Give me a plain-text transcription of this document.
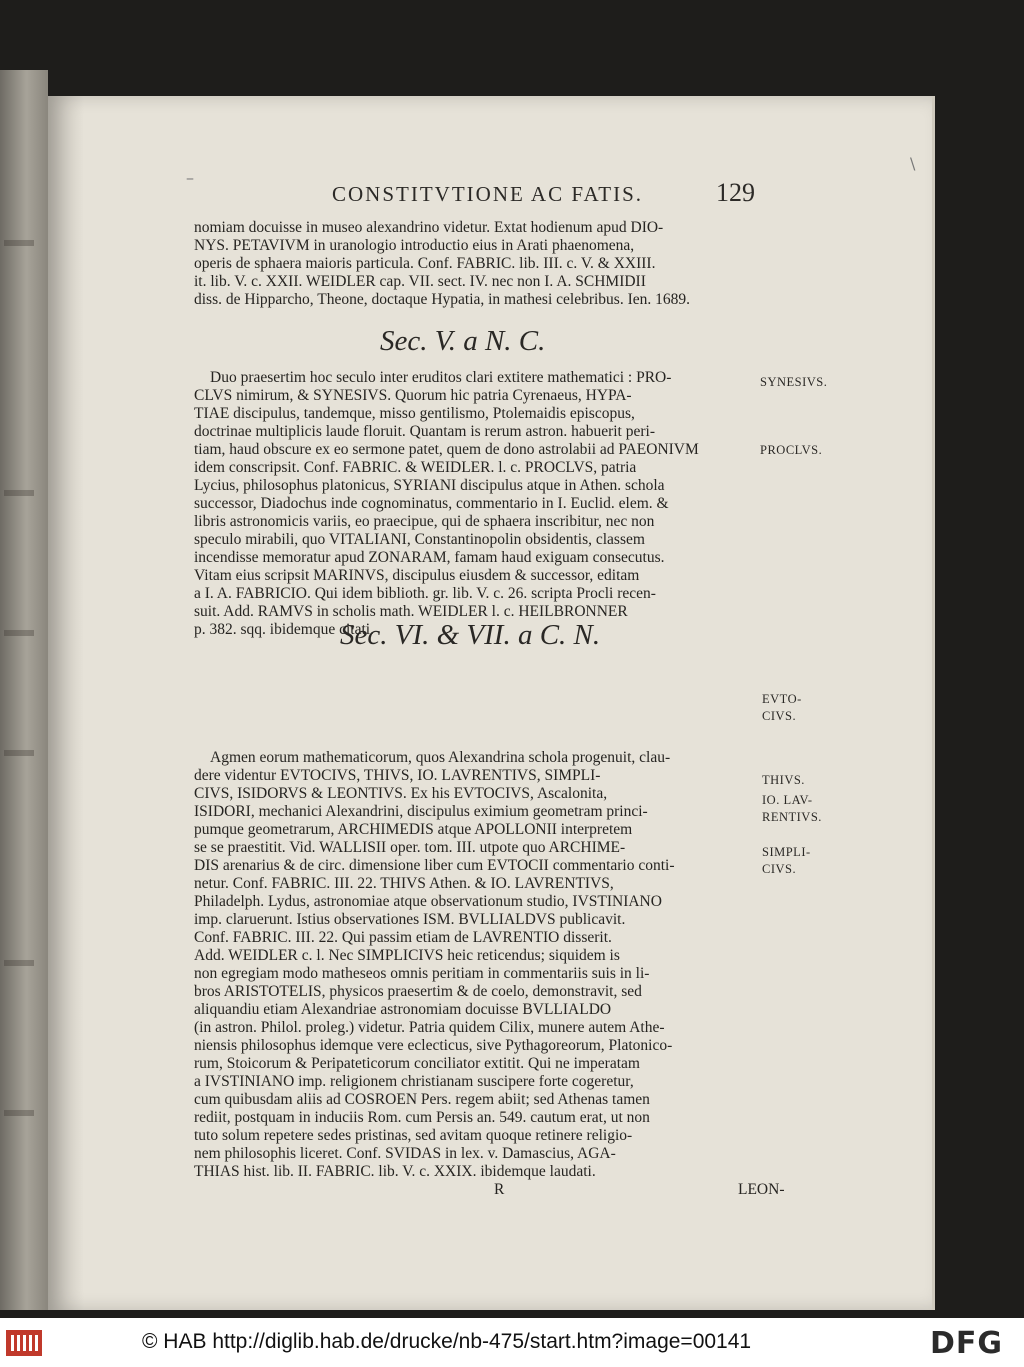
–
\
CONSTITVTIONE AC FATIS.	129
nomiam docuisse in museo alexandrino videtur. Extat hodienum apud DIO-
NYS. PETAVIVM in uranologio introductio eius in Arati phaenomena,
operis de sphaera maioris particula. Conf. FABRIC. lib. III. c. V. & XXIII.
it. lib. V. c. XXII. WEIDLER cap. VII. sect. IV. nec non I. A. SCHMIDII
diss. de Hipparcho, Theone, doctaque Hypatia, in mathesi celebribus. Ien. 1689.
Duo praesertim hoc seculo inter eruditos clari extitere mathematici : PRO-
CLVS nimirum, & SYNESIVS. Quorum hic patria Cyrenaeus, HYPA-
TIAE discipulus, tandemque, misso gentilismo, Ptolemaidis episcopus,
doctrinae multiplicis laude floruit. Quantam is rerum astron. habuerit peri-
tiam, haud obscure ex eo sermone patet, quem de dono astrolabii ad PAEONIVM
idem conscripsit. Conf. FABRIC. & WEIDLER. l. c. PROCLVS, patria
Lycius, philosophus platonicus, SYRIANI discipulus atque in Athen. schola
successor, Diadochus inde cognominatus, commentario in I. Euclid. elem. &
libris astronomicis variis, eo praecipue, qui de sphaera inscribitur, nec non
speculo mirabili, quo VITALIANI, Constantinopolin obsidentis, classem
incendisse memoratur apud ZONARAM, famam haud exiguam consecutus.
Vitam eius scripsit MARINVS, discipulus eiusdem & successor, editam
a I. A. FABRICIO. Qui idem biblioth. gr. lib. V. c. 26. scripta Procli recen-
suit. Add. RAMVS in scholis math. WEIDLER l. c. HEILBRONNER
p. 382. sqq. ibidemque citati.
Agmen eorum mathematicorum, quos Alexandrina schola progenuit, clau-
dere videntur EVTOCIVS, THIVS, IO. LAVRENTIVS, SIMPLI-
CIVS, ISIDORVS & LEONTIVS. Ex his EVTOCIVS, Ascalonita,
ISIDORI, mechanici Alexandrini, discipulus eximium geometram princi-
pumque geometrarum, ARCHIMEDIS atque APOLLONII interpretem
se se praestitit. Vid. WALLISII oper. tom. III. utpote quo ARCHIME-
DIS arenarius & de circ. dimensione liber cum EVTOCII commentario conti-
netur. Conf. FABRIC. III. 22. THIVS Athen. & IO. LAVRENTIVS,
Philadelph. Lydus, astronomiae atque observationum studio, IVSTINIANO
imp. claruerunt. Istius observationes ISM. BVLLIALDVS publicavit.
Conf. FABRIC. III. 22. Qui passim etiam de LAVRENTIO disserit.
Add. WEIDLER c. l. Nec SIMPLICIVS heic reticendus; siquidem is
non egregiam modo matheseos omnis peritiam in commentariis suis in li-
bros ARISTOTELIS, physicos praesertim & de coelo, demonstravit, sed
aliquandiu etiam Alexandriae astronomiam docuisse BVLLIALDO
(in astron. Philol. proleg.) videtur. Patria quidem Cilix, munere autem Athe-
niensis philosophus idemque vere eclecticus, sive Pythagoreorum, Platonico-
rum, Stoicorum & Peripateticorum conciliator extitit. Qui ne imperatam
a IVSTINIANO imp. religionem christianam suscipere forte cogeretur,
cum quibusdam aliis ad COSROEN Pers. regem abiit; sed Athenas tamen
rediit, postquam in induciis Rom. cum Persis an. 549. cautum erat, ut non
tuto solum repetere sedes pristinas, sed avitam quoque retinere religio-
nem philosophis liceret. Conf. SVIDAS in lex. v. Damascius, AGA-
THIAS hist. lib. II. FABRIC. lib. V. c. XXIX. ibidemque laudati.
R	LEON-
Sec. V. a N. C.
Sec. VI. & VII. a C. N.
SYNESIVS.
PROCLVS.
EVTO-
CIVS.
THIVS.
IO. LAV-
RENTIVS.
SIMPLI-
CIVS.
© HAB http://diglib.hab.de/drucke/nb-475/start.htm?image=00141	DFG
